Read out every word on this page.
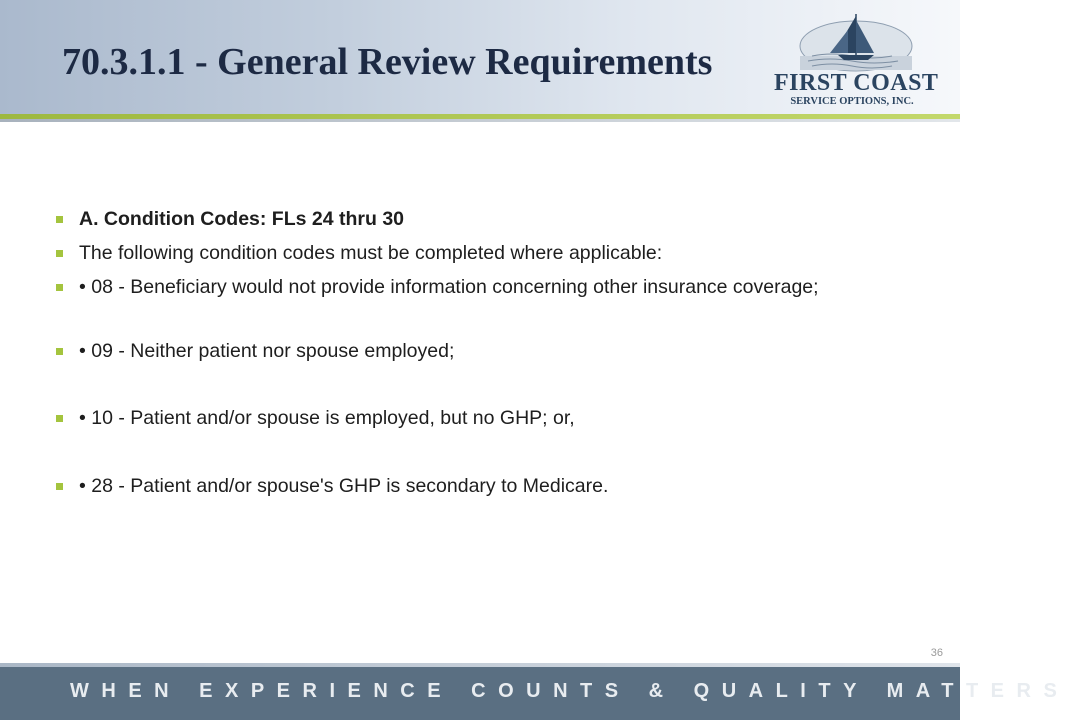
70.3.1.1 - General Review Requirements	FIRST COAST
SERVICE OPTIONS, INC.
A. Condition Codes: FLs 24 thru 30
The following condition codes must be completed where applicable:
• 08 - Beneficiary would not provide information concerning other insurance coverage;
• 09 - Neither patient nor spouse employed;
• 10 - Patient and/or spouse is employed, but no GHP; or,
• 28 - Patient and/or spouse's GHP is secondary to Medicare.
36
WHEN EXPERIENCE COUNTS & QUALITY MATTERS
